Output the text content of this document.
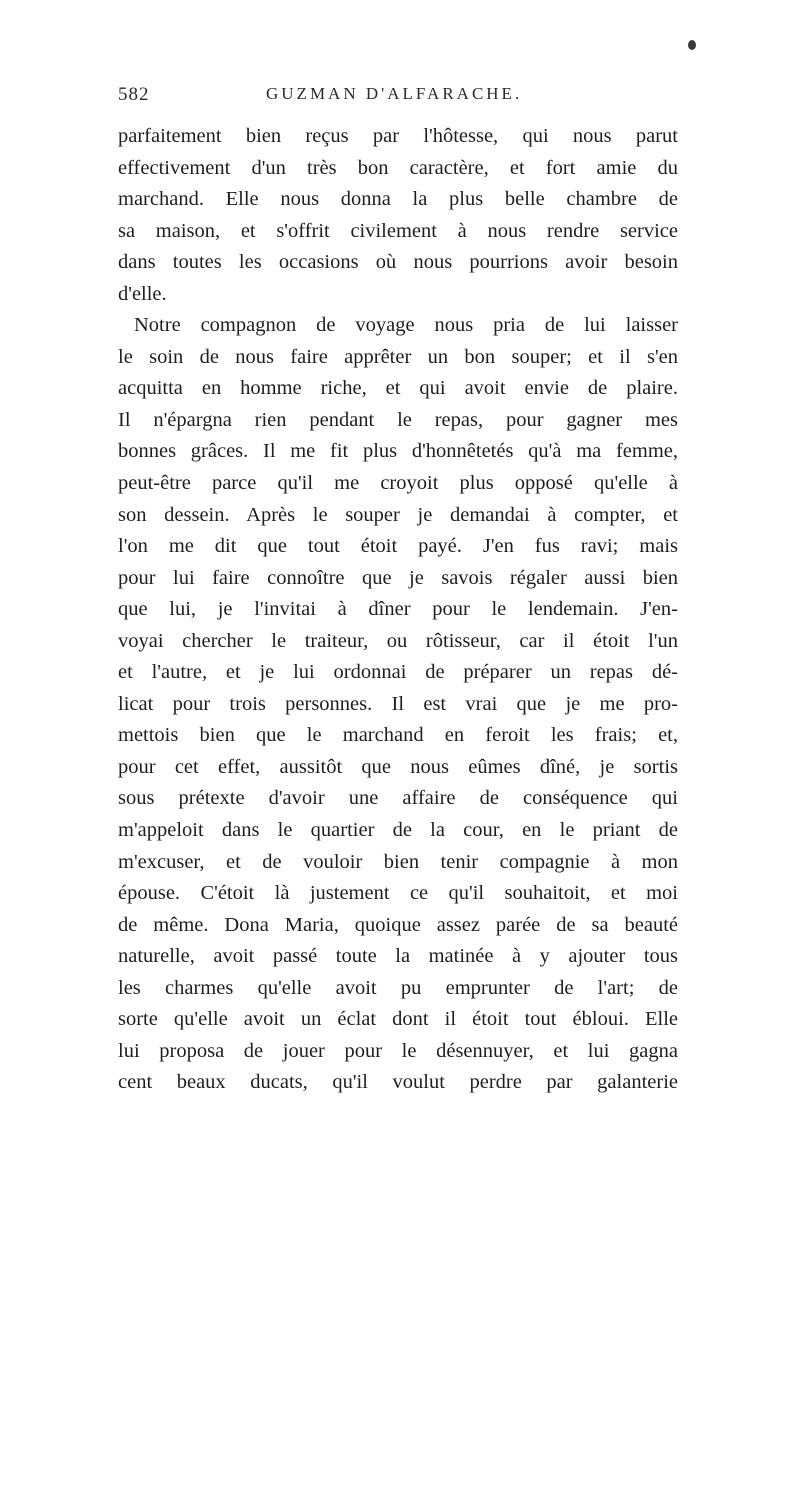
582	GUZMAN D'ALFARACHE.
parfaitement bien reçus par l'hôtesse, qui nous parut
effectivement d'un très bon caractère, et fort amie du
marchand. Elle nous donna la plus belle chambre de
sa maison, et s'offrit civilement à nous rendre service
dans toutes les occasions où nous pourrions avoir besoin
d'elle.
Notre compagnon de voyage nous pria de lui laisser
le soin de nous faire apprêter un bon souper; et il s'en
acquitta en homme riche, et qui avoit envie de plaire.
Il n'épargna rien pendant le repas, pour gagner mes
bonnes grâces. Il me fit plus d'honnêtetés qu'à ma femme,
peut-être parce qu'il me croyoit plus opposé qu'elle à
son dessein. Après le souper je demandai à compter, et
l'on me dit que tout étoit payé. J'en fus ravi; mais
pour lui faire connoître que je savois régaler aussi bien
que lui, je l'invitai à dîner pour le lendemain. J'en-
voyai chercher le traiteur, ou rôtisseur, car il étoit l'un
et l'autre, et je lui ordonnai de préparer un repas dé-
licat pour trois personnes. Il est vrai que je me pro-
mettois bien que le marchand en feroit les frais; et,
pour cet effet, aussitôt que nous eûmes dîné, je sortis
sous prétexte d'avoir une affaire de conséquence qui
m'appeloit dans le quartier de la cour, en le priant de
m'excuser, et de vouloir bien tenir compagnie à mon
épouse. C'étoit là justement ce qu'il souhaitoit, et moi
de même. Dona Maria, quoique assez parée de sa beauté
naturelle, avoit passé toute la matinée à y ajouter tous
les charmes qu'elle avoit pu emprunter de l'art; de
sorte qu'elle avoit un éclat dont il étoit tout ébloui. Elle
lui proposa de jouer pour le désennuyer, et lui gagna
cent beaux ducats, qu'il voulut perdre par galanterie
